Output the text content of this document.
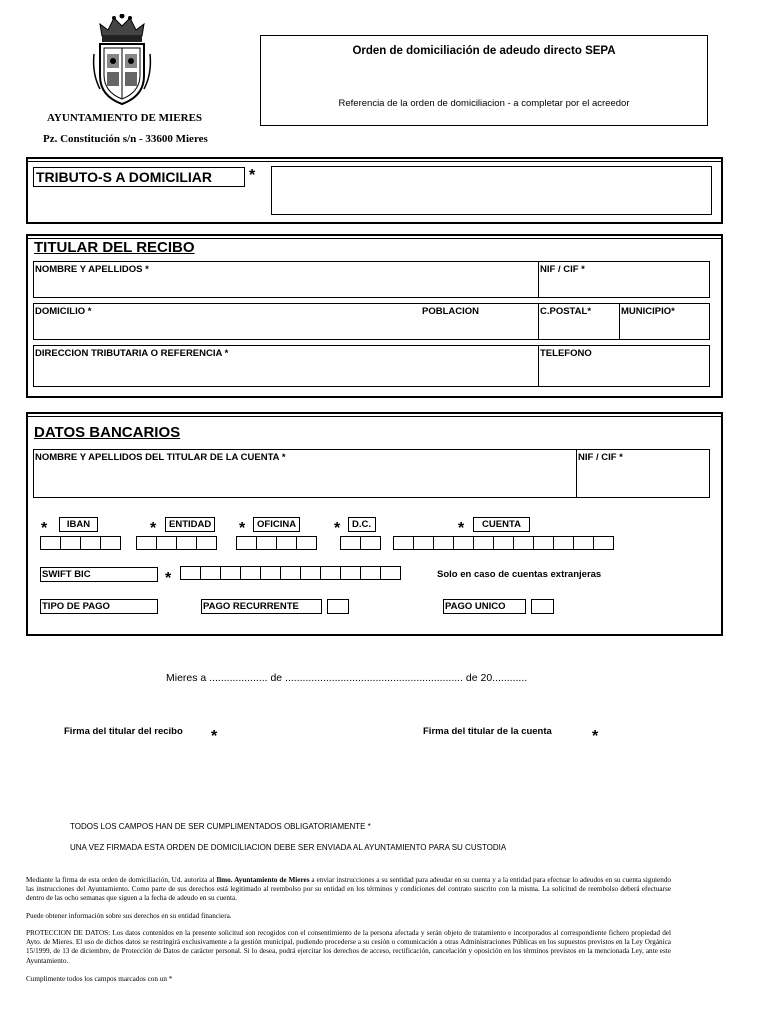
AYUNTAMIENTO DE MIERES
Pz. Constitución s/n - 33600 Mieres
Orden de domiciliación de adeudo directo SEPA
Referencia de la orden de domiciliacion - a completar por el acreedor
TRIBUTO-S A DOMICILIAR *
TITULAR DEL RECIBO
NOMBRE Y APELLIDOS *	NIF / CIF *
DOMICILIO *	POBLACION	C.POSTAL*	MUNICIPIO*
DIRECCION TRIBUTARIA O REFERENCIA *	TELEFONO
DATOS BANCARIOS
NOMBRE Y APELLIDOS DEL TITULAR DE LA CUENTA *	NIF / CIF *
*	IBAN	*	ENTIDAD *	OFICINA *	D.C.	*	CUENTA
SWIFT BIC	*	Solo en caso de cuentas extranjeras
TIPO DE PAGO	PAGO RECURRENTE	PAGO UNICO
Mieres a .................... de ............................................................. de 20............
Firma del titular del recibo *	Firma del titular de la cuenta	*
TODOS LOS CAMPOS HAN DE SER CUMPLIMENTADOS OBLIGATORIAMENTE *
UNA VEZ FIRMADA ESTA ORDEN DE DOMICILIACION DEBE SER ENVIADA AL AYUNTAMIENTO PARA SU CUSTODIA
Mediante la firma de esta orden de domiciliación, Ud. autoriza al Ilmo. Ayuntamiento de Mieres a enviar instrucciones a su sentidad para adeudar en su cuenta y a la entidad para efectuar lo adeudos en su cuenta siguiendo las instrucciones del Ayuntamiento. Como parte de sus derechos está legitimado al reembolso por su entidad en los términos y condiciones del contrato suscrito con la misma. La solicitud de reembolso deberá efectuarse dentro de las ocho semanas que siguen a la fecha de adeudo en su cuenta.
Puede obtener información sobre sus derechos en su entidad financiera.
PROTECCION DE DATOS: Los datos contenidos en la presente solicitud son recogidos con el consentimiento de la persona afectada y serán objeto de tratamiento e incorporados al correspondiente fichero propiedad del Ayto. de Mieres. El uso de dichos datos se restringirá exclusivamente a la gestión municipal, pudiendo procederse a su cesión o comunicación a otras Administraciones Públicas en los supuestos previstos en la Ley Orgánica 15/1999, de 13 de diciembre, de Protección de Datos de carácter personal. Si lo desea, podrá ejercitar los derechos de acceso, rectificación, cancelación y oposición en los términos previstos en la mencionada Ley, ante este Ayuntamiento.
Cumplimente todos los campos marcados con un *
